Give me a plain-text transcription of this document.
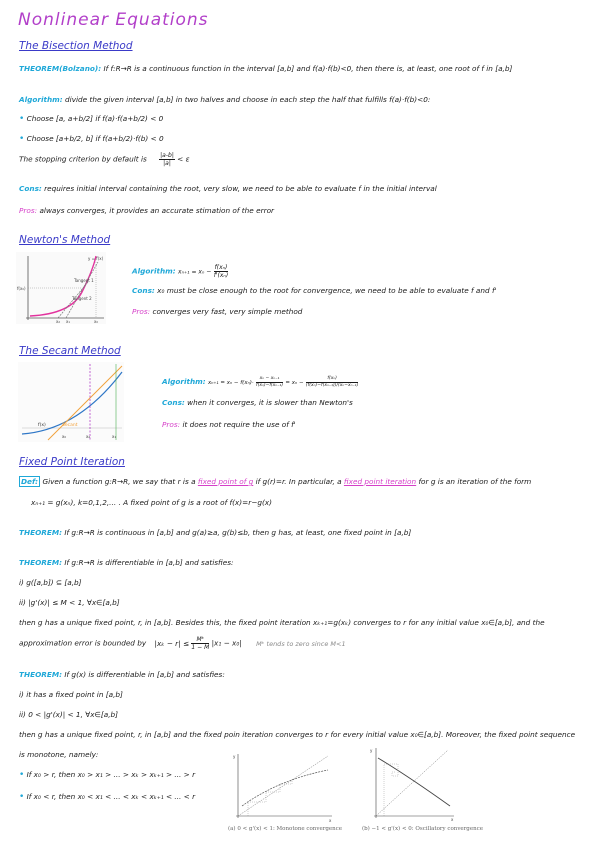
Nonlinear Equations
The Bisection Method
THEOREM(Bolzano): If f:R→R is a continuous function in the interval [a,b] and f(a)·f(b)<0, then there is, at least, one root of f in [a,b]
Algorithm: divide the given interval [a,b] in two halves and choose in each step the half that fulfills f(a)·f(b)<0:
• Choose [a, a+b/2] if f(a)·f(a+b/2) < 0
• Choose [a+b/2, b] if f(a+b/2)·f(b) < 0
The stopping criterion by default is $\frac{|a-b|}{|a|} < \varepsilon$
Cons: requires initial interval containing the root, very slow, we need to be able to evaluate f in the initial interval
Pros: always converges, it provides an accurate stimation of the error
Newton's Method
Tangent 1
Tangent 2
y = f(x)
f(x₀)
x₂ x₁	x₀
Algorithm: $x_{n+1} = x_n - \frac{\text{f(xₙ)}}{\text{f'(xₙ)}}$
Cons: x₀ must be close enough to the root for convergence, we need to be able to evaluate f and f'
Pros: converges very fast, very simple method
The Secant Method
f(x)	Secant
x₀	x₁
x₂
Algorithm: $x_{n+1} = x_n - f(x_n)\cdot \frac{\text{xₙ − xₙ₋₁}}{\text{f(xₙ)−f(xₙ₋₁)}} = x_n - \frac{\text{f(xₙ)}}{\text{(f(xₙ)−f(xₙ₋₁))/(xₙ−xₙ₋₁)}}$
Cons: when it converges, it is slower than Newton's
Pros: it does not require the use of f'
Fixed Point Iteration
Def: Given a function g:R→R, we say that r is a fixed point of g if g(r)=r. In particular, a fixed point iteration for g is an iteration of the form
xₙ₊₁ = g(xₙ), k=0,1,2,... . A fixed point of g is a root of f(x)=r−g(x)
THEOREM: If g:R→R is continuous in [a,b] and g(a)≥a, g(b)≤b, then g has, at least, one fixed point in [a,b]
THEOREM: If g:R→R is differentiable in [a,b] and satisfies:
i) g([a,b]) ⊆ [a,b]
ii) |g'(x)| ≤ M < 1, ∀x∈[a,b]
then g has a unique fixed point, r, in [a,b]. Besides this, the fixed point iteration xₖ₊₁=g(xₖ) converges to r for any initial value x₀∈[a,b], and the
approximation error is bounded by $|x_k - r| \le \frac{\text{Mᵏ}}{1 - M} |x_1 - x_0|$ Mᵏ tends to zero since M<1
THEOREM: If g(x) is differentiable in [a,b] and satisfies:
i) it has a fixed point in [a,b]
ii) 0 < |g'(x)| < 1, ∀x∈[a,b]
then g has a unique fixed point, r, in [a,b] and the fixed poin iteration converges to r for every initial value x₀∈[a,b]. Moreover, the fixed point sequence
is monotone, namely:
• If x₀ > r, then x₀ > x₁ > ... > xₖ > xₖ₊₁ > ... > r
• If x₀ < r, then x₀ < x₁ < ... < xₖ < xₖ₊₁ < ... < r
x
y
(a) 0 < g'(x) < 1: Monotone convergence
x
y
(b) −1 < g'(x) < 0: Oscillatory convergence
